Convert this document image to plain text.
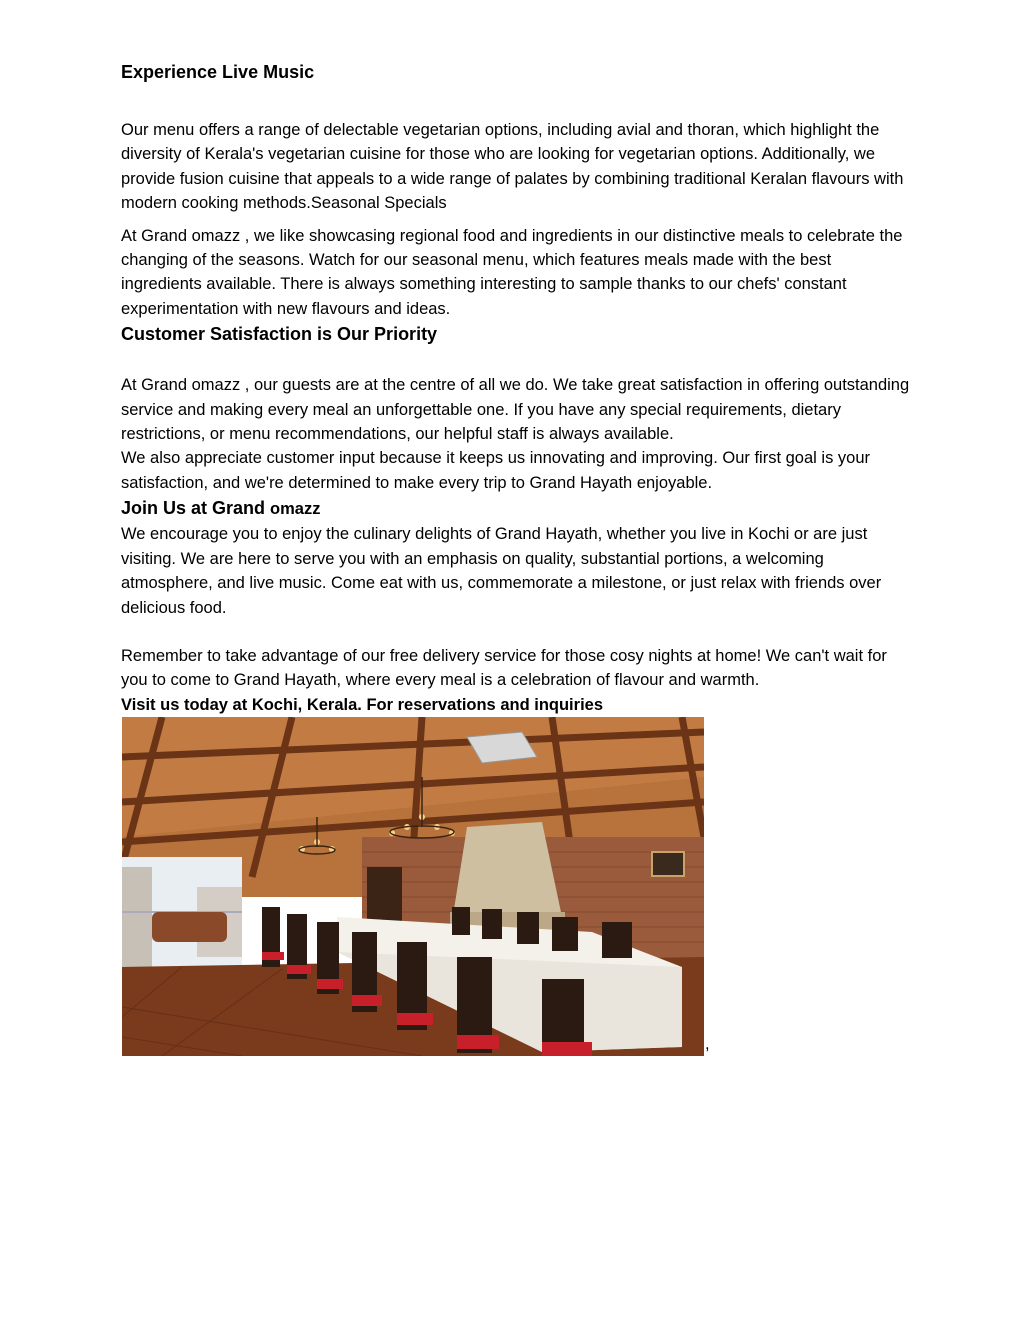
Experience Live Music

Our menu offers a range of delectable vegetarian options, including avial and thoran, which highlight the diversity of Kerala's vegetarian cuisine for those who are looking for vegetarian options. Additionally, we provide fusion cuisine that appeals to a wide range of palates by combining traditional Keralan flavours with modern cooking methods.Seasonal Specials

At Grand omazz , we like showcasing regional food and ingredients in our distinctive meals to celebrate the changing of the seasons. Watch for our seasonal menu, which features meals made with the best ingredients available. There is always something interesting to sample thanks to our chefs' constant experimentation with new flavours and ideas.

Customer Satisfaction is Our Priority

At Grand omazz , our guests are at the centre of all we do. We take great satisfaction in offering outstanding service and making every meal an unforgettable one. If you have any special requirements, dietary restrictions, or menu recommendations, our helpful staff is always available.

We also appreciate customer input because it keeps us innovating and improving. Our first goal is your satisfaction, and we're determined to make every trip to Grand Hayath enjoyable.

Join Us at Grand omazz

We encourage you to enjoy the culinary delights of Grand Hayath, whether you live in Kochi or are just visiting. We are here to serve you with an emphasis on quality, substantial portions, a welcoming atmosphere, and live music. Come eat with us, commemorate a milestone, or just relax with friends over delicious food.

Remember to take advantage of our free delivery service for those cosy nights at home! We can't wait for you to come to Grand Hayath, where every meal is a celebration of flavour and warmth.

Visit us today at Kochi, Kerala. For reservations and inquiries

,
